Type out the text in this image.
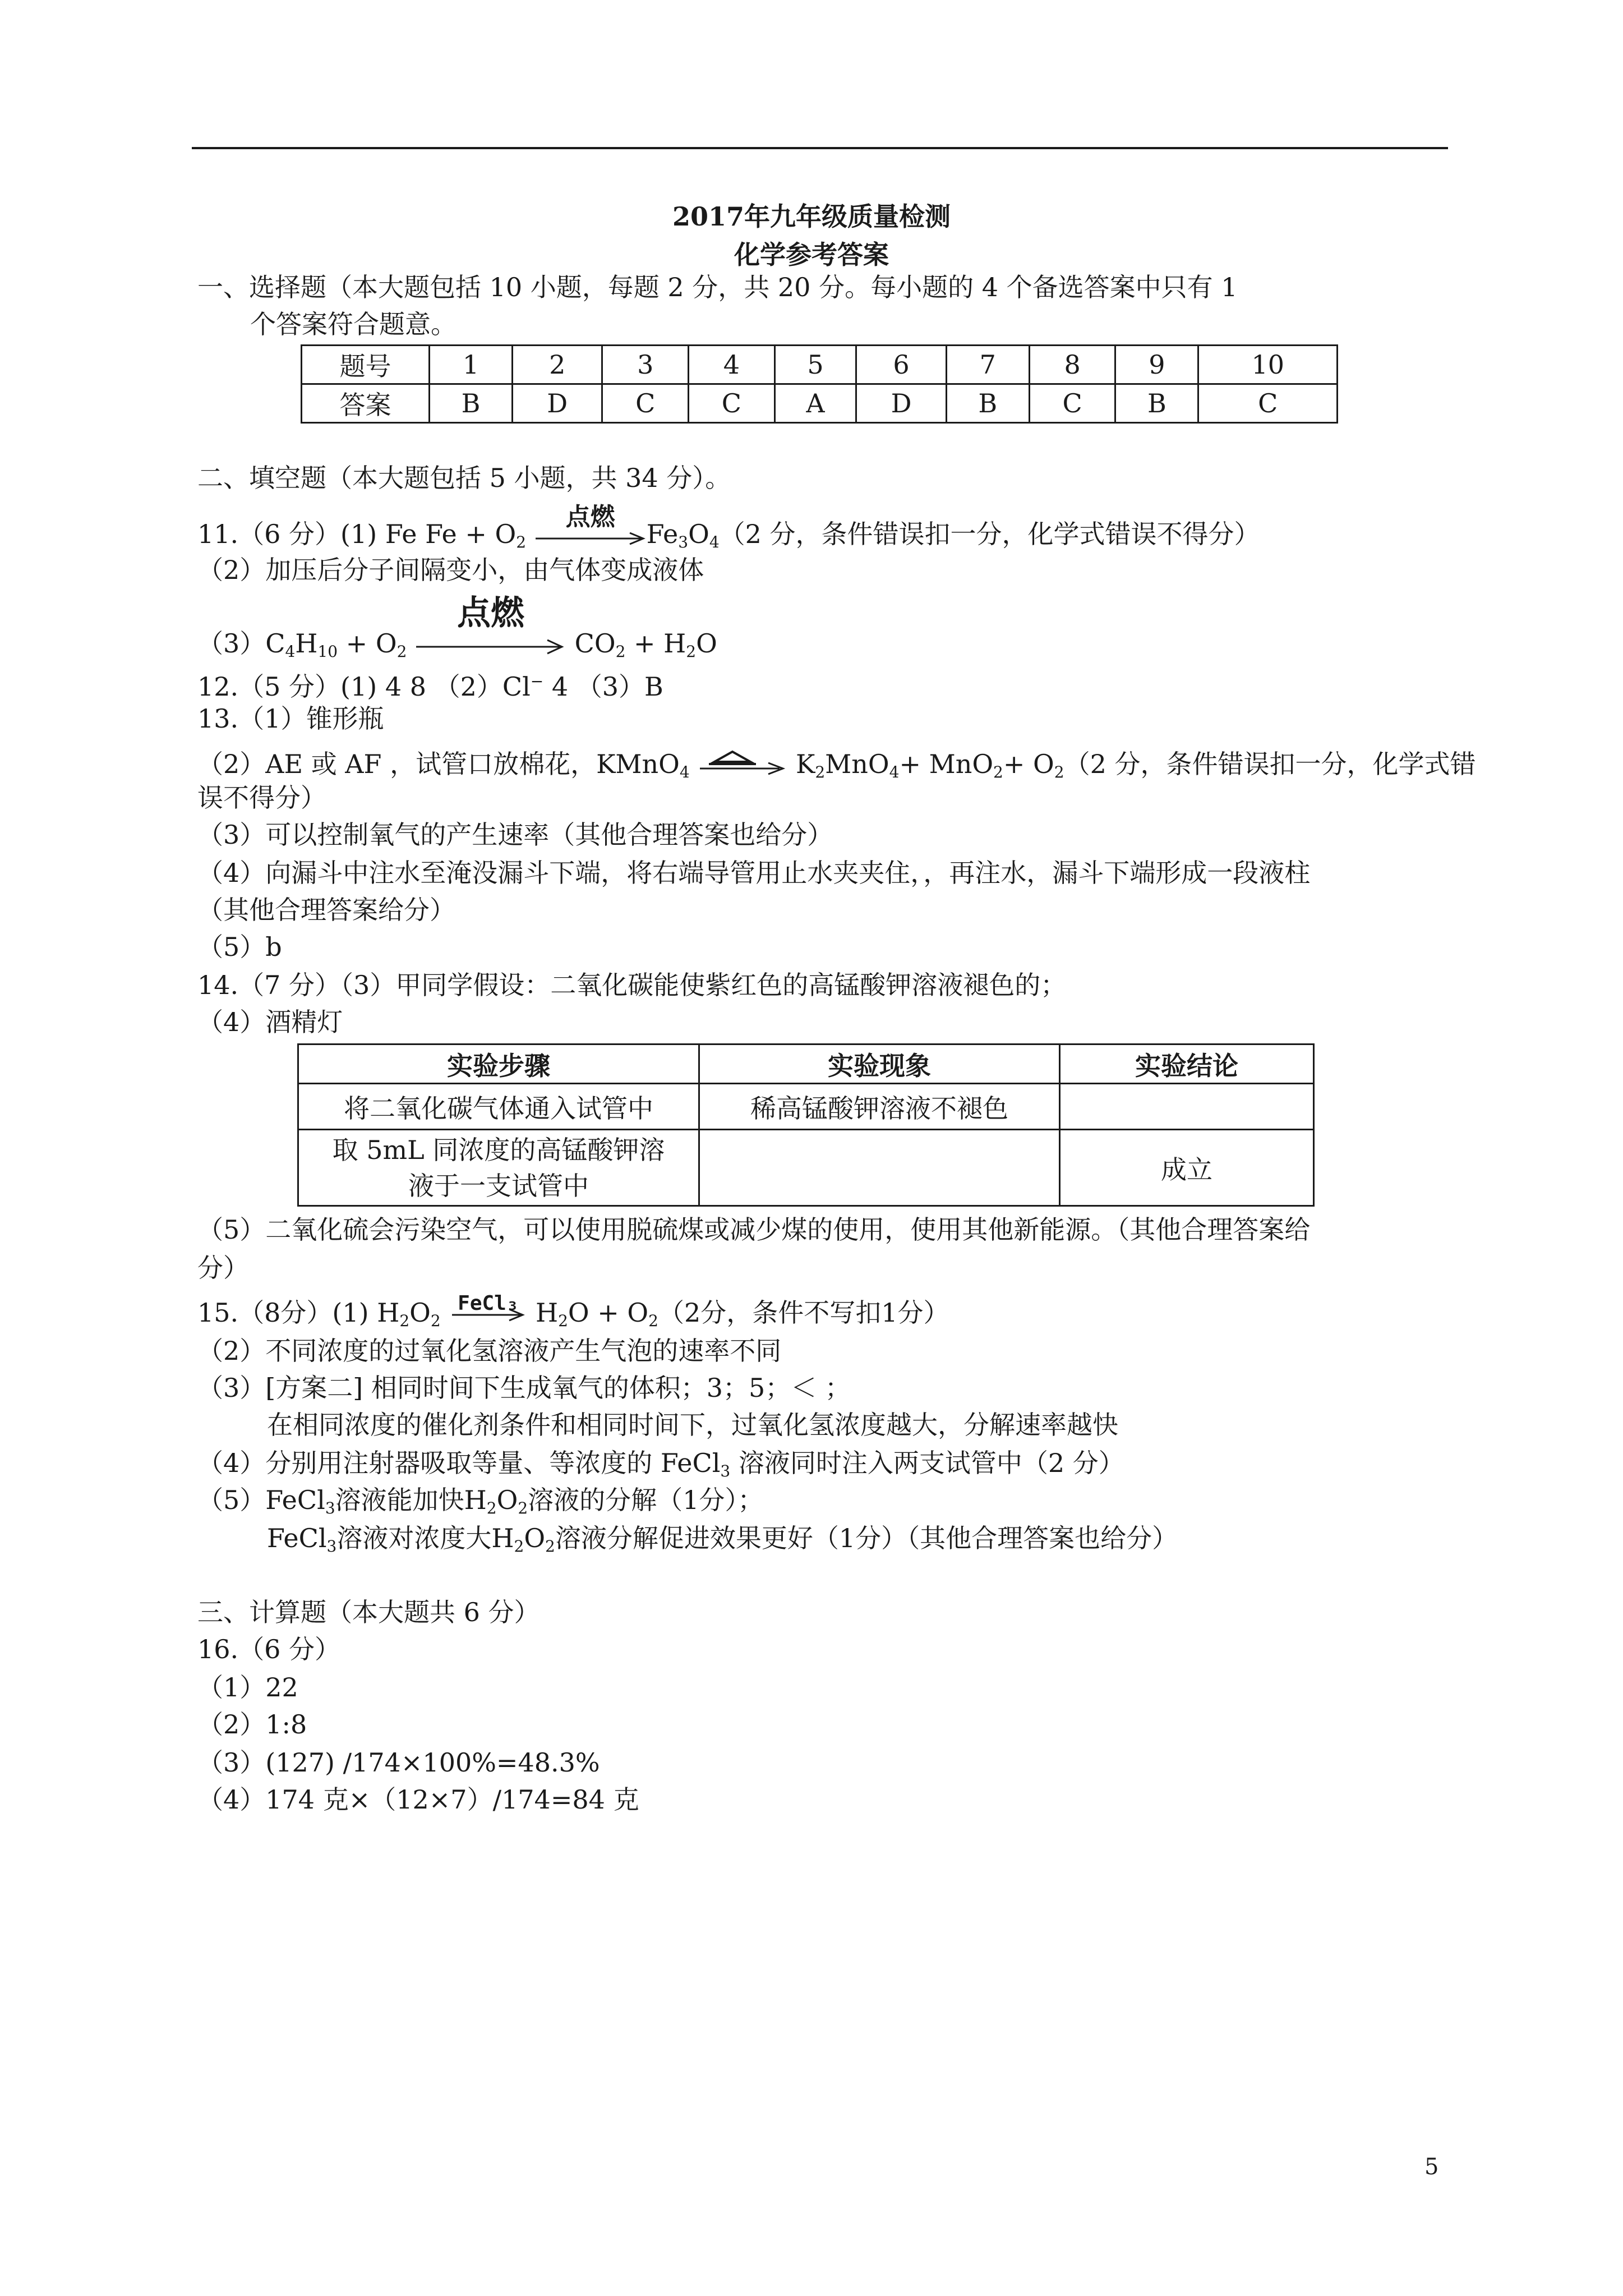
2017年九年级质量检测
化学参考答案
一、选择题（本大题包括 10 小题，每题 2 分，共 20 分。每小题的 4 个备选答案中只有 1
个答案符合题意。
题号	1	2	3	4	5	6	7	8	9	10
答案	B	D	C	C	A	D	B	C	B	C
二、填空题（本大题包括 5 小题，共 34 分）。
11.（6 分）(1) Fe $Fe + O_2$
点燃
$Fe_3O_4(2$ 分，条件错误扣一分，化学式错误不得分）
（2）加压后分子间隔变小，由气体变成液体
$(3)C_4H_{10} + O_2$
点燃
$CO_2 + H_2O$
12.（5 分）(1) 4 8 （2）Cl− 4 （3）B
13.（1）锥形瓶
（2）AE 或 AF ，试管口放棉花，KMnO$_4$ ⇌ $K_2MnO_4+ MnO_2+ O_2(2$ 分，条件错误扣一分，化学式错
误不得分）
（3）可以控制氧气的产生速率（其他合理答案也给分）
（4）向漏斗中注水至淹没漏斗下端，将右端导管用止水夹夹住，，再注水，漏斗下端形成一段液柱
（其他合理答案给分）
（5）b
14.（7 分）（3）甲同学假设：二氧化碳能使紫红色的高锰酸钾溶液褪色的；
（4）酒精灯
实验步骤	实验现象	实验结论
将二氧化碳气体通入试管中	稀高锰酸钾溶液不褪色	
取 5mL 同浓度的高锰酸钾溶
液于一支试管中		成立
（5）二氧化硫会污染空气，可以使用脱硫煤或减少煤的使用，使用其他新能源。（其他合理答案给
分）
15.（8分）(1) $H_2O_2$
FeCl₃ $H_2O + O_2(2$分，条件不写扣1分）
（2）不同浓度的过氧化氢溶液产生气泡的速率不同
（3）[方案二] 相同时间下生成氧气的体积；3；5；＜ ；
在相同浓度的催化剂条件和相同时间下，过氧化氢浓度越大，分解速率越快
（4）分别用注射器吸取等量、等浓度的 FeCl$_3$ 溶液同时注入两支试管中（2 分）
（5）FeCl$_3$溶液能加快$H_2O_2$溶液的分解（1分）；
FeCl$_3$溶液对浓度大$H_2O_2$溶液分解促进效果更好（1分）（其他合理答案也给分）
三、计算题（本大题共 6 分）
16.（6 分）
（1）22
（2）1:8
（3）(127) /174×100%=48.3%
（4）174 克×（12×7）/174=84 克
5
